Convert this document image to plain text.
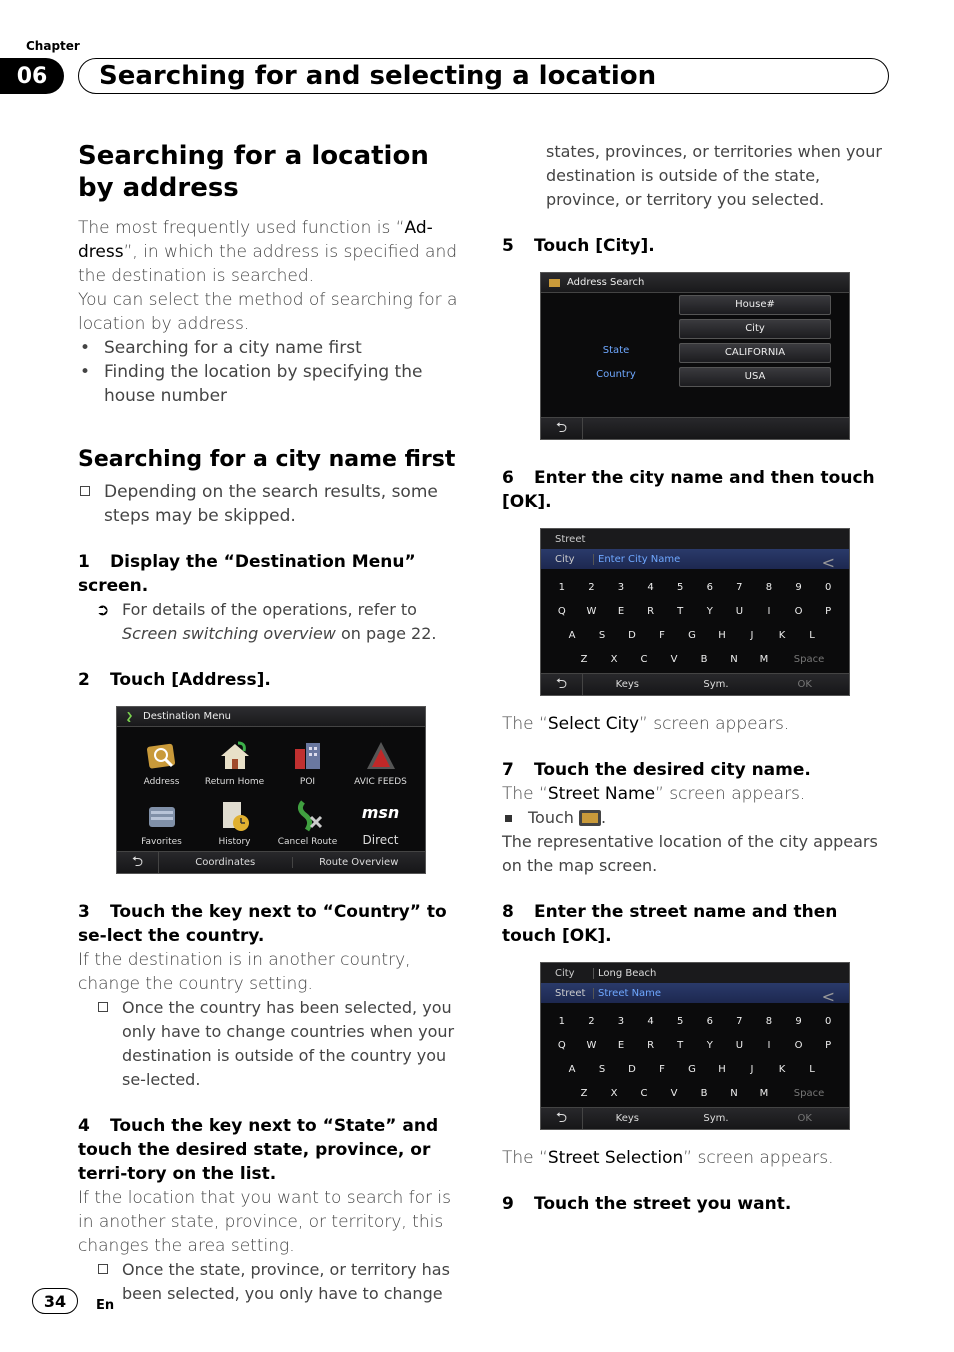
Chapter
06	Searching for and selecting a location
Searching for a location by address
The most frequently used function is “Ad-dress”, in which the address is specified and the destination is searched.
You can select the method of searching for a location by address.
• Searching for a city name first
• Finding the location by specifying the house number
Searching for a city name first
Depending on the search results, some steps may be skipped.
1 Display the “Destination Menu” screen.
➲ For details of the operations, refer to Screen switching overview on page 22.
2 Touch [Address].
Destination Menu
Address	Return Home	POI	AVIC FEEDS
Favorites	History	Cancel Route
msn
Direct
⮌	Coordinates	Route Overview
3 Touch the key next to “Country” to se-lect the country.
If the destination is in another country, change the country setting.
Once the country has been selected, you only have to change countries when your destination is outside of the country you se-lected.
4 Touch the key next to “State” and touch the desired state, province, or terri-tory on the list.
If the location that you want to search for is in another state, province, or territory, this changes the area setting.
Once the state, province, or territory has been selected, you only have to change
states, provinces, or territories when your destination is outside of the state, province, or territory you selected.
5 Touch [City].
Address Search
House#
City
State	CALIFORNIA
Country	USA
⮌
6 Enter the city name and then touch [OK].
Street
City	Enter City Name	<
1	2	3	4	5	6	7	8	9	0
Q	W	E	R	T	Y	U	I	O	P
A	S	D	F	G	H	J	K	L
Z	X	C	V	B	N	M	Space
⮌	Keys	Sym.	OK
The “Select City” screen appears.
7 Touch the desired city name.
The “Street Name” screen appears.
Touch .
The representative location of the city appears on the map screen.
8 Enter the street name and then touch [OK].
City	Long Beach
Street	Street Name	<
1	2	3	4	5	6	7	8	9	0
Q	W	E	R	T	Y	U	I	O	P
A	S	D	F	G	H	J	K	L
Z	X	C	V	B	N	M	Space
⮌	Keys	Sym.	OK
The “Street Selection” screen appears.
9 Touch the street you want.
34	En
